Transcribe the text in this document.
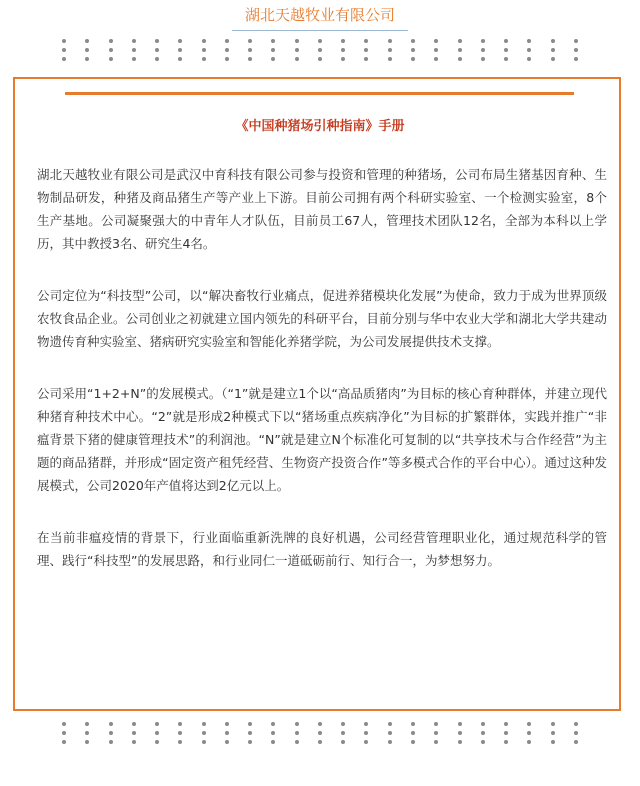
湖北天越牧业有限公司
《中国种猪场引种指南》手册

湖北天越牧业有限公司是武汉中育科技有限公司参与投资和管理的种猪场，公司布局生猪基因育种、生物制品研发，种猪及商品猪生产等产业上下游。目前公司拥有两个科研实验室、一个检测实验室，8个生产基地。公司凝聚强大的中青年人才队伍，目前员工67人，管理技术团队12名，全部为本科以上学历，其中教授3名、研究生4名。

公司定位为“科技型”公司，以“解决畜牧行业痛点，促进养猪模块化发展”为使命，致力于成为世界顶级农牧食品企业。公司创业之初就建立国内领先的科研平台，目前分别与华中农业大学和湖北大学共建动物遗传育种实验室、猪病研究实验室和智能化养猪学院，为公司发展提供技术支撑。

公司采用“1+2+N”的发展模式。（“1”就是建立1个以“高品质猪肉”为目标的核心育种群体，并建立现代种猪育种技术中心。“2”就是形成2种模式下以“猪场重点疾病净化”为目标的扩繁群体，实践并推广“非瘟背景下猪的健康管理技术”的利润池。“N”就是建立N个标准化可复制的以“共享技术与合作经营”为主题的商品猪群，并形成“固定资产租凭经营、生物资产投资合作”等多模式合作的平台中心）。通过这种发展模式，公司2020年产值将达到2亿元以上。

在当前非瘟疫情的背景下，行业面临重新洗牌的良好机遇，公司经营管理职业化，通过规范科学的管理、践行“科技型”的发展思路，和行业同仁一道砥砺前行、知行合一，为梦想努力。
